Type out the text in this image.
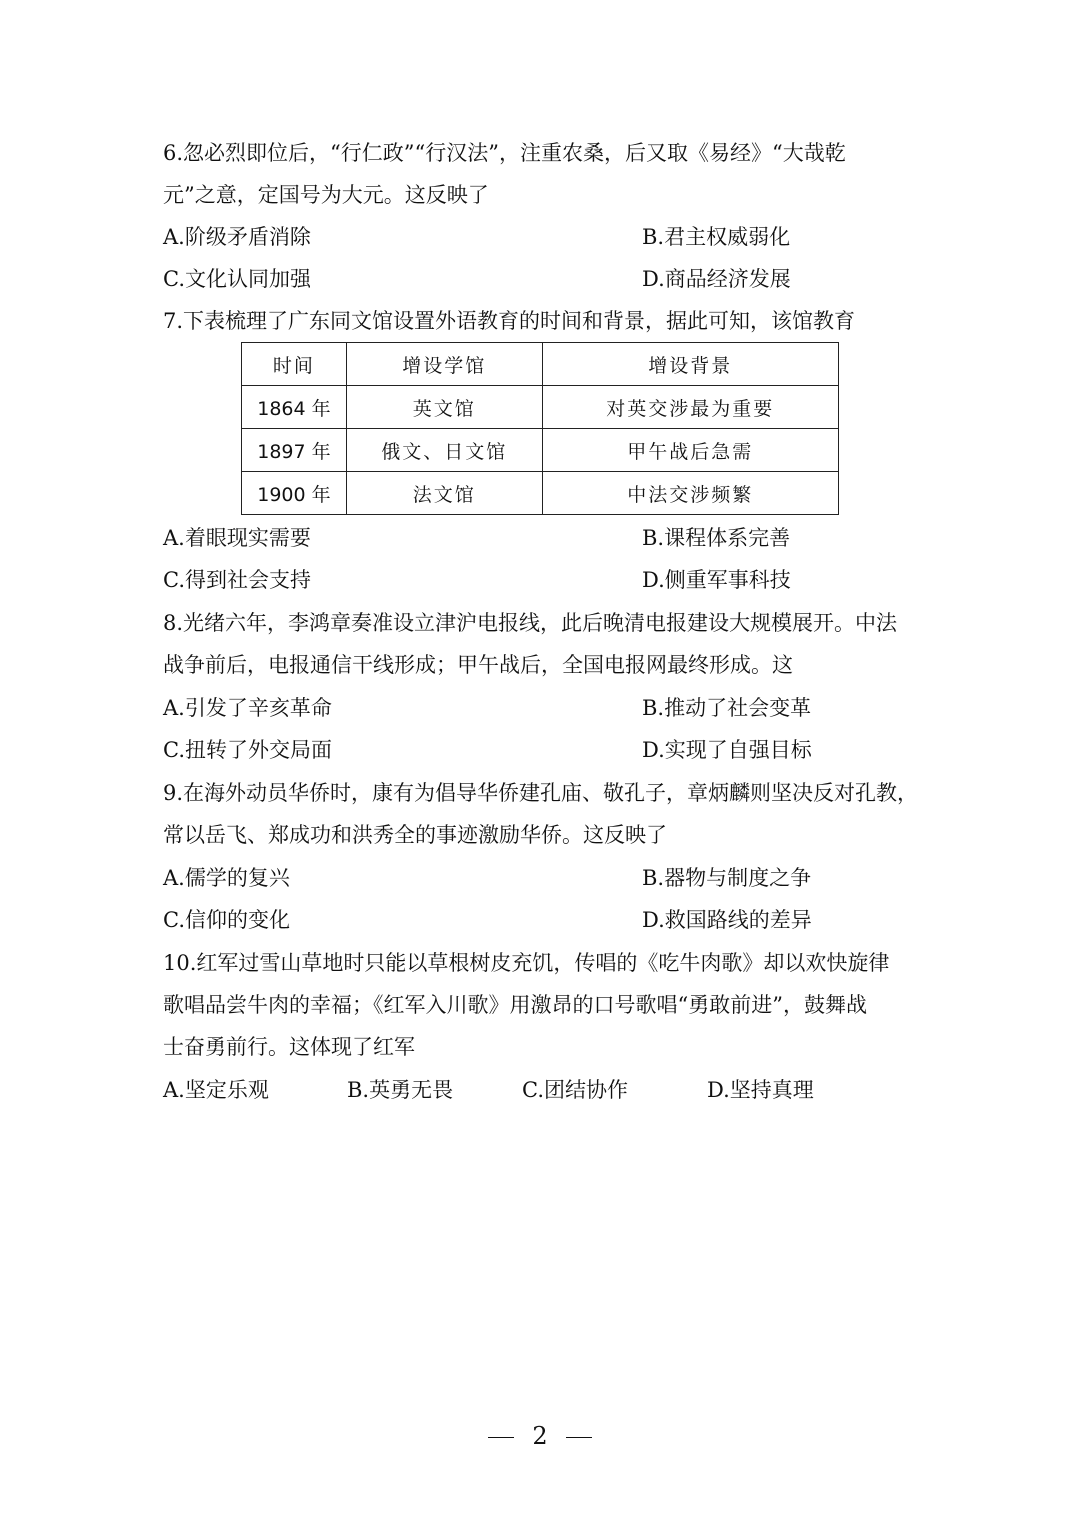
6.忽必烈即位后，“行仁政”“行汉法”，注重农桑，后又取《易经》“大哉乾
元”之意，定国号为大元。这反映了
A.阶级矛盾消除	B.君主权威弱化
C.文化认同加强	D.商品经济发展
7.下表梳理了广东同文馆设置外语教育的时间和背景，据此可知，该馆教育
时间	增设学馆	增设背景
1864 年	英文馆	对英交涉最为重要
1897 年	俄文、日文馆	甲午战后急需
1900 年	法文馆	中法交涉频繁
A.着眼现实需要	B.课程体系完善
C.得到社会支持	D.侧重军事科技
8.光绪六年，李鸿章奏准设立津沪电报线，此后晚清电报建设大规模展开。中法
战争前后，电报通信干线形成；甲午战后，全国电报网最终形成。这
A.引发了辛亥革命	B.推动了社会变革
C.扭转了外交局面	D.实现了自强目标
9.在海外动员华侨时，康有为倡导华侨建孔庙、敬孔子，章炳麟则坚决反对孔教，
常以岳飞、郑成功和洪秀全的事迹激励华侨。这反映了
A.儒学的复兴	B.器物与制度之争
C.信仰的变化	D.救国路线的差异
10.红军过雪山草地时只能以草根树皮充饥，传唱的《吃牛肉歌》却以欢快旋律
歌唱品尝牛肉的幸福；《红军入川歌》用激昂的口号歌唱“勇敢前进”，鼓舞战
士奋勇前行。这体现了红军
A.坚定乐观	B.英勇无畏	C.团结协作	D.坚持真理
2
